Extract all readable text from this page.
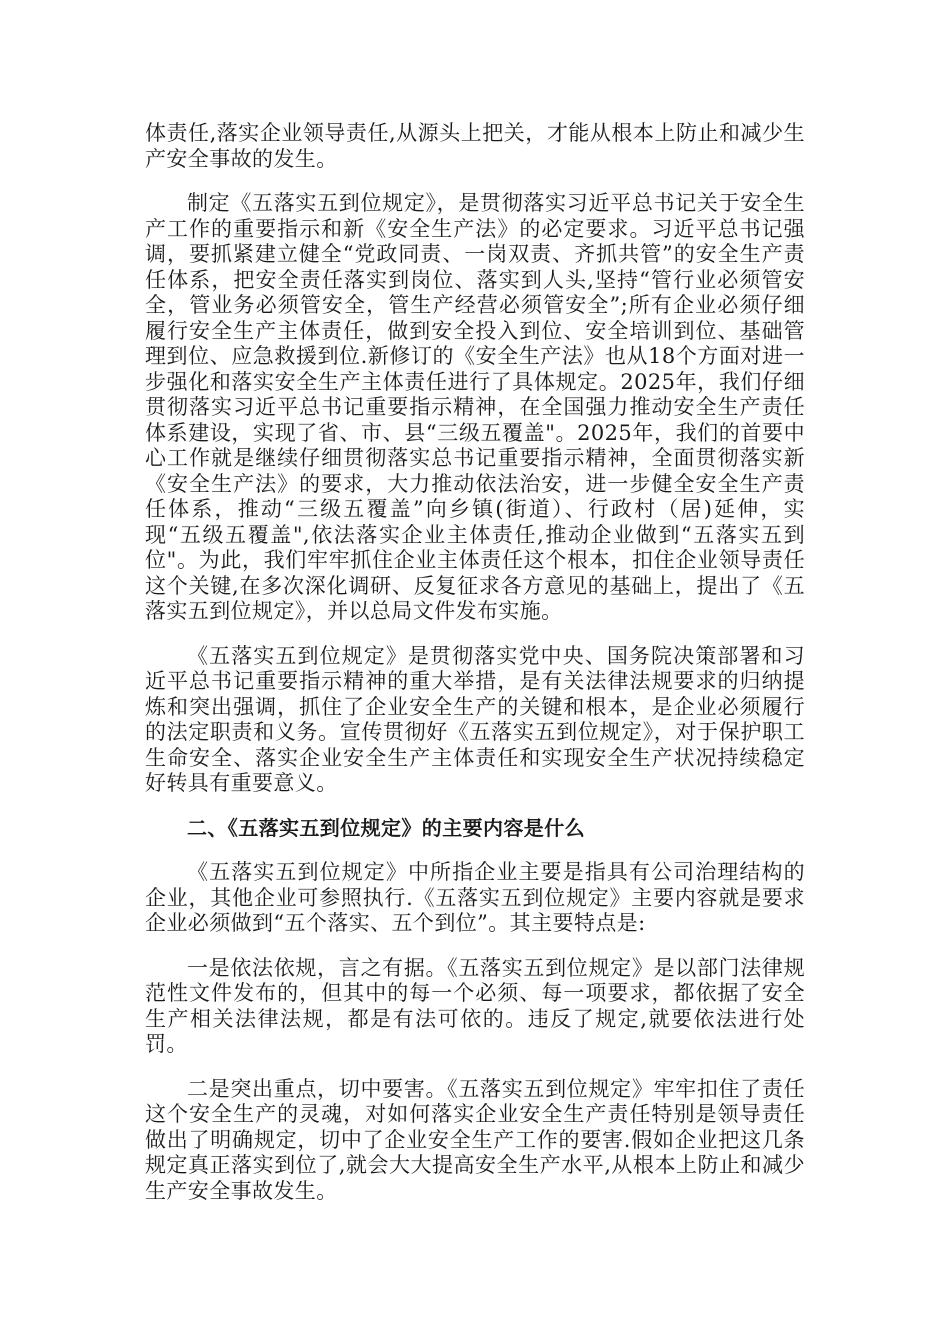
体责任,落实企业领导责任,从源头上把关，才能从根本上防止和减少生产安全事故的发生。

制定《五落实五到位规定》，是贯彻落实习近平总书记关于安全生产工作的重要指示和新《安全生产法》的必定要求。习近平总书记强调，要抓紧建立健全“党政同责、一岗双责、齐抓共管”的安全生产责任体系，把安全责任落实到岗位、落实到人头,坚持“管行业必须管安全，管业务必须管安全，管生产经营必须管安全”;所有企业必须仔细履行安全生产主体责任，做到安全投入到位、安全培训到位、基础管理到位、应急救援到位.新修订的《安全生产法》也从18个方面对进一步强化和落实安全生产主体责任进行了具体规定。2025年，我们仔细贯彻落实习近平总书记重要指示精神，在全国强力推动安全生产责任体系建设，实现了省、市、县“三级五覆盖"。2025年，我们的首要中心工作就是继续仔细贯彻落实总书记重要指示精神，全面贯彻落实新《安全生产法》的要求，大力推动依法治安，进一步健全安全生产责任体系，推动“三级五覆盖”向乡镇(街道）、行政村（居)延伸，实现“五级五覆盖",依法落实企业主体责任,推动企业做到“五落实五到位"。为此，我们牢牢抓住企业主体责任这个根本，扣住企业领导责任这个关键,在多次深化调研、反复征求各方意见的基础上，提出了《五落实五到位规定》，并以总局文件发布实施。

《五落实五到位规定》是贯彻落实党中央、国务院决策部署和习近平总书记重要指示精神的重大举措，是有关法律法规要求的归纳提炼和突出强调，抓住了企业安全生产的关键和根本，是企业必须履行的法定职责和义务。宣传贯彻好《五落实五到位规定》，对于保护职工生命安全、落实企业安全生产主体责任和实现安全生产状况持续稳定好转具有重要意义。

二、《五落实五到位规定》的主要内容是什么

《五落实五到位规定》中所指企业主要是指具有公司治理结构的企业，其他企业可参照执行.《五落实五到位规定》主要内容就是要求企业必须做到“五个落实、五个到位”。其主要特点是:

一是依法依规，言之有据。《五落实五到位规定》是以部门法律规范性文件发布的，但其中的每一个必须、每一项要求，都依据了安全生产相关法律法规，都是有法可依的。违反了规定,就要依法进行处罚。

二是突出重点，切中要害。《五落实五到位规定》牢牢扣住了责任这个安全生产的灵魂，对如何落实企业安全生产责任特别是领导责任做出了明确规定，切中了企业安全生产工作的要害.假如企业把这几条规定真正落实到位了,就会大大提高安全生产水平,从根本上防止和减少生产安全事故发生。
